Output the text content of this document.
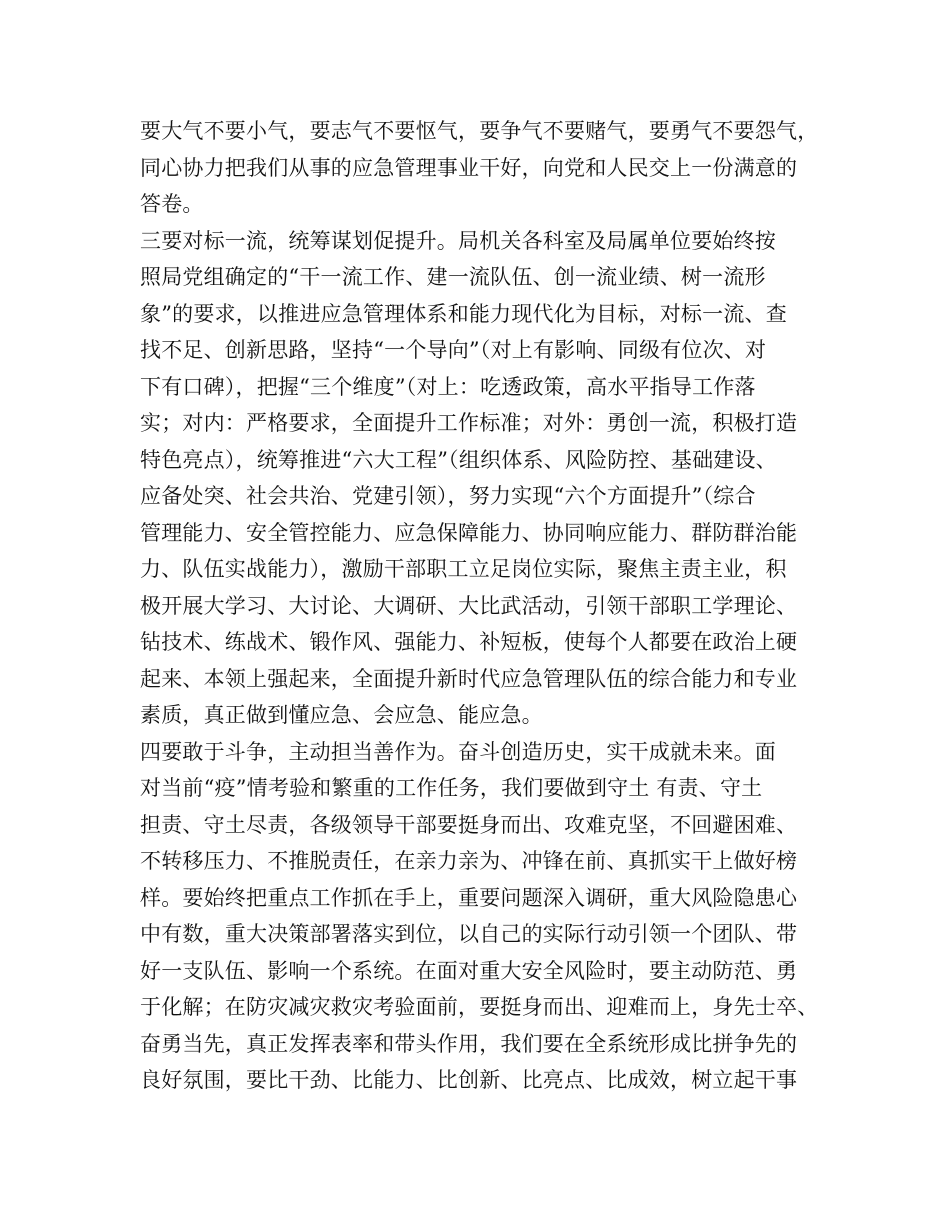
要大气不要小气，要志气不要怄气，要争气不要赌气，要勇气不要怨气，
同心协力把我们从事的应急管理事业干好，向党和人民交上一份满意的
答卷。
三要对标一流，统筹谋划促提升。局机关各科室及局属单位要始终按
照局党组确定的“干一流工作、建一流队伍、创一流业绩、树一流形
象”的要求，以推进应急管理体系和能力现代化为目标，对标一流、查
找不足、创新思路，坚持“一个导向”（对上有影响、同级有位次、对
下有口碑），把握“三个维度”（对上：吃透政策，高水平指导工作落
实；对内：严格要求，全面提升工作标准；对外：勇创一流，积极打造
特色亮点），统筹推进“六大工程”（组织体系、风险防控、基础建设、
应备处突、社会共治、党建引领），努力实现“六个方面提升”（综合
管理能力、安全管控能力、应急保障能力、协同响应能力、群防群治能
力、队伍实战能力），激励干部职工立足岗位实际，聚焦主责主业，积
极开展大学习、大讨论、大调研、大比武活动，引领干部职工学理论、
钻技术、练战术、锻作风、强能力、补短板，使每个人都要在政治上硬
起来、本领上强起来，全面提升新时代应急管理队伍的综合能力和专业
素质，真正做到懂应急、会应急、能应急。
四要敢于斗争，主动担当善作为。奋斗创造历史，实干成就未来。面
对当前“疫”情考验和繁重的工作任务，我们要做到守土 有责、守土
担责、守土尽责，各级领导干部要挺身而出、攻难克坚，不回避困难、
不转移压力、不推脱责任，在亲力亲为、冲锋在前、真抓实干上做好榜
样。要始终把重点工作抓在手上，重要问题深入调研，重大风险隐患心
中有数，重大决策部署落实到位，以自己的实际行动引领一个团队、带
好一支队伍、影响一个系统。在面对重大安全风险时，要主动防范、勇
于化解；在防灾减灾救灾考验面前，要挺身而出、迎难而上，身先士卒、
奋勇当先，真正发挥表率和带头作用，我们要在全系统形成比拼争先的
良好氛围，要比干劲、比能力、比创新、比亮点、比成效，树立起干事
